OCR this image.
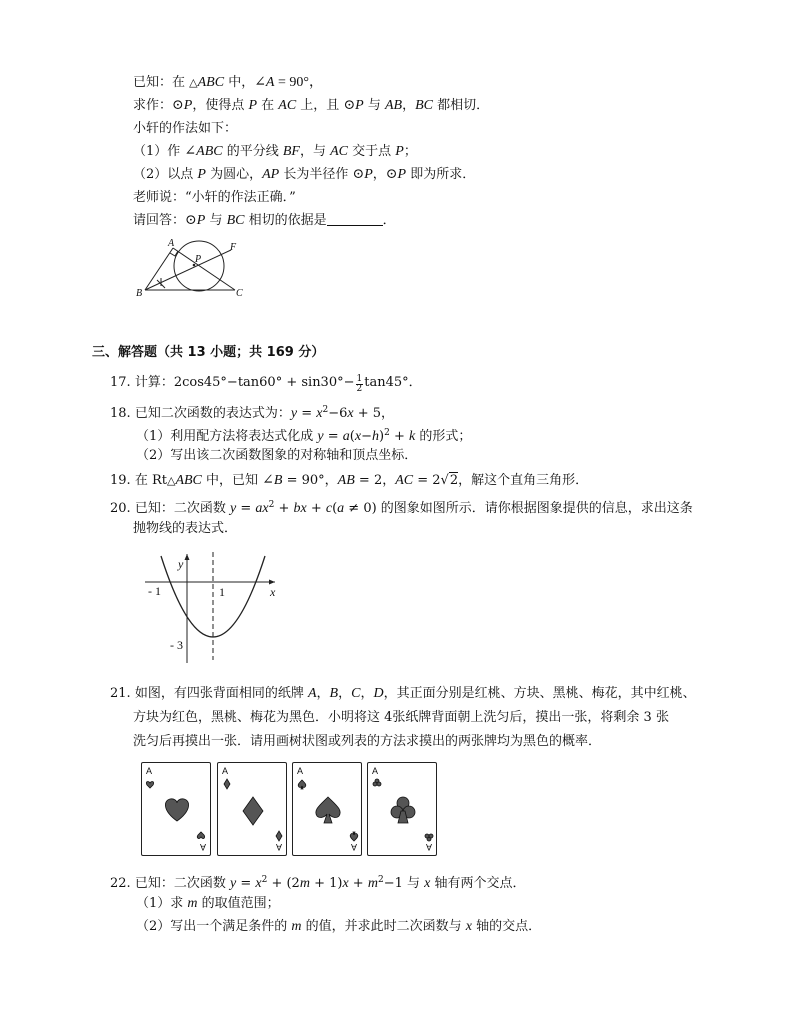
已知：在 △ABC 中，∠A = 90°，
求作：⊙P，使得点 P 在 AC 上，且 ⊙P 与 AB，BC 都相切．
小轩的作法如下：
（1）作 ∠ABC 的平分线 BF，与 AC 交于点 P；
（2）以点 P 为圆心，AP 长为半径作 ⊙P，⊙P 即为所求．
老师说：“小轩的作法正确．”
请回答：⊙P 与 BC 相切的依据是	．
A
B	C
P
F
三、解答题（共 13 小题；共 169 分）
17. 计算：$2\cos 45^\circ-\tan 60^\circ + \sin 30^\circ- \frac{1}{2} \tan 45^\circ$．
18. 已知二次函数的表达式为：$y = x^2-6x + 5$，
（1）利用配方法将表达式化成 $y = a(x-h)^2 + k$ 的形式；
（2）写出该二次函数图象的对称轴和顶点坐标．
19. 在 Rt△ABC 中，已知 ∠B = 90°，AB = 2，AC = 2√2，解这个直角三角形．
20. 已知：二次函数 $y = ax^2$ + bx + c(a ≠ 0) 的图象如图所示．请你根据图象提供的信息，求出这条
抛物线的表达式．
y
x
- 1	1
- 3
21. 如图，有四张背面相同的纸牌 A，B，C，D，其正面分别是红桃、方块、黑桃、梅花，其中红桃、
方块为红色，黑桃、梅花为黑色．小明将这 4张纸牌背面朝上洗匀后，摸出一张，将剩余 3 张
洗匀后再摸出一张．请用画树状图或列表的方法求摸出的两张牌均为黑色的概率．
A
A
A
A
A
A
A
A
22. 已知：二次函数 $y = x^2 + (2m + 1)x + m^2-1$ 与 x 轴有两个交点．
（1）求 m 的取值范围；
（2）写出一个满足条件的 m 的值，并求此时二次函数与 x 轴的交点．
